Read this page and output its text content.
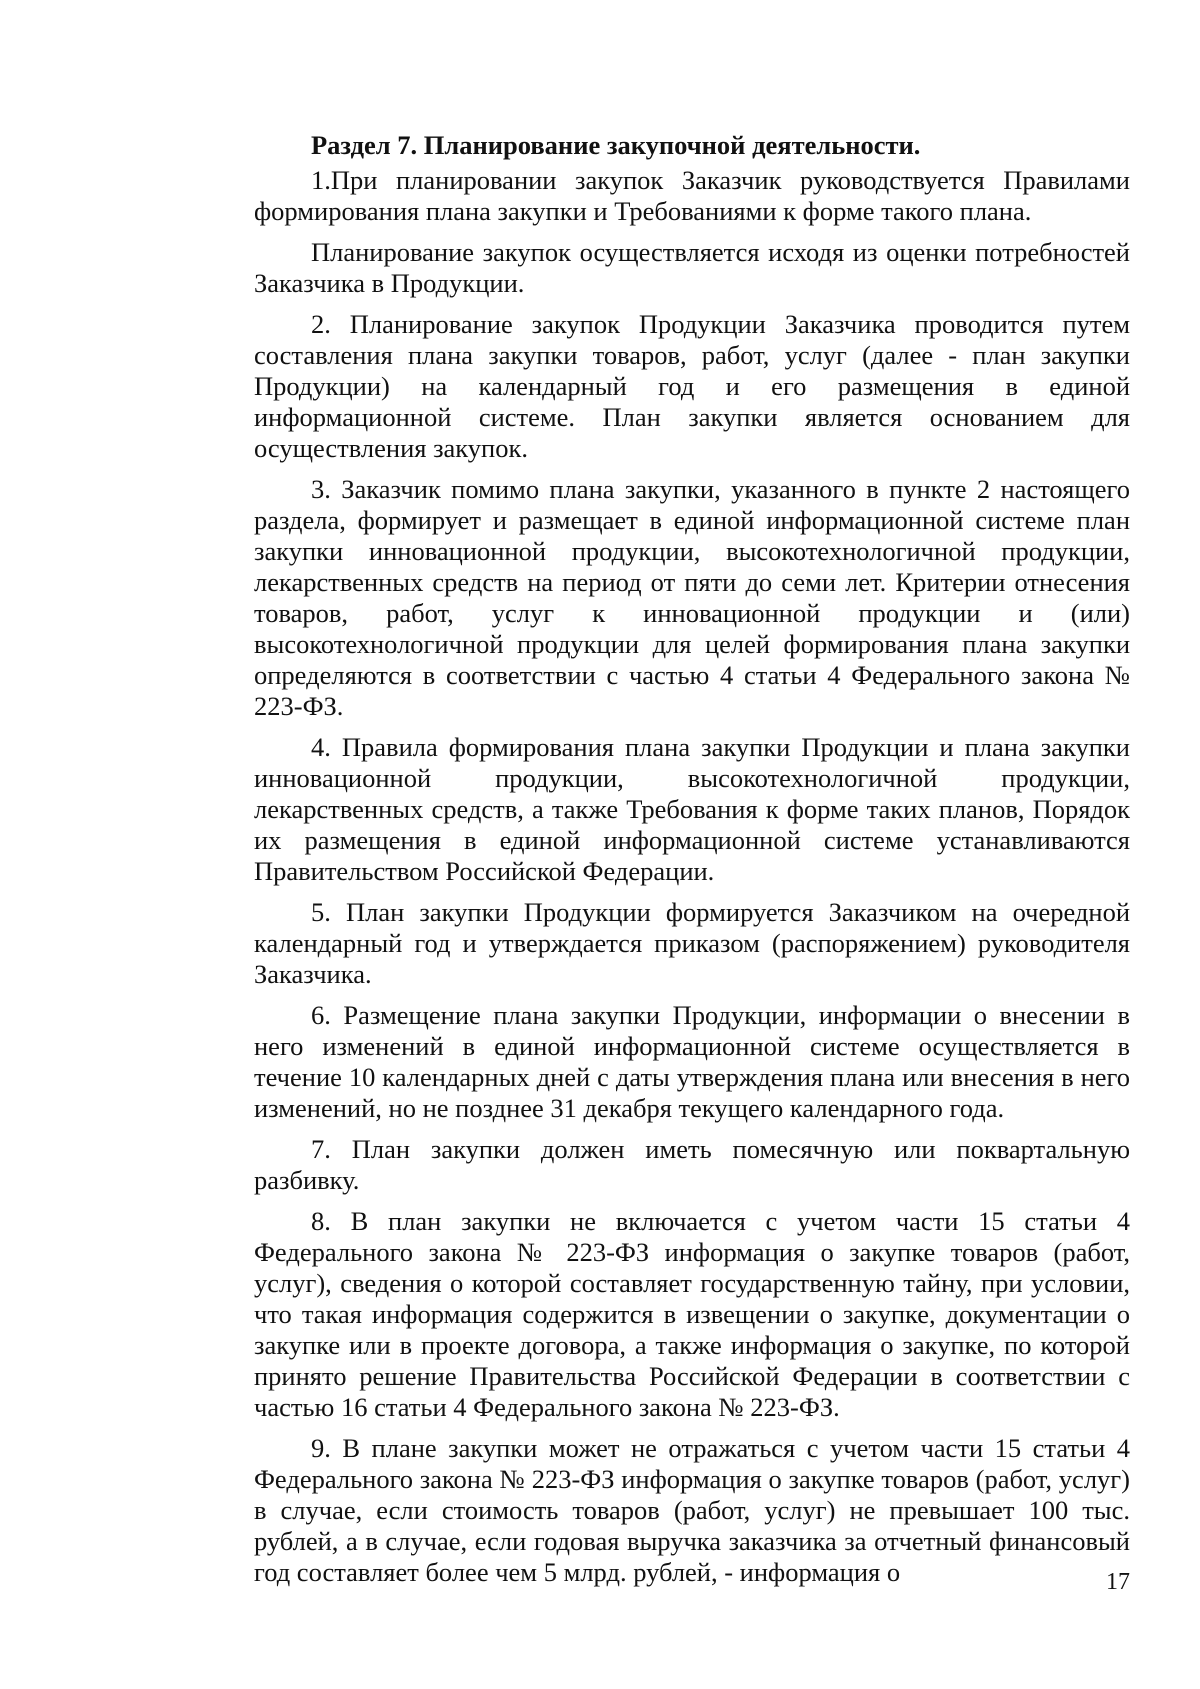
Раздел 7. Планирование закупочной деятельности.

1.При планировании закупок Заказчик руководствуется Правилами формирования плана закупки и Требованиями к форме такого плана.

Планирование закупок осуществляется исходя из оценки потребностей Заказчика в Продукции.

2. Планирование закупок Продукции Заказчика проводится путем составления плана закупки товаров, работ, услуг (далее - план закупки Продукции) на календарный год и его размещения в единой информационной системе. План закупки является основанием для осуществления закупок.

3. Заказчик помимо плана закупки, указанного в пункте 2 настоящего раздела, формирует и размещает в единой информационной системе план закупки инновационной продукции, высокотехнологичной продукции, лекарственных средств на период от пяти до семи лет. Критерии отнесения товаров, работ, услуг к инновационной продукции и (или) высокотехнологичной продукции для целей формирования плана закупки определяются в соответствии с частью 4 статьи 4 Федерального закона № 223-ФЗ.

4. Правила формирования плана закупки Продукции и плана закупки инновационной продукции, высокотехнологичной продукции, лекарственных средств, а также Требования к форме таких планов, Порядок их размещения в единой информационной системе устанавливаются Правительством Российской Федерации.

5. План закупки Продукции формируется Заказчиком на очередной календарный год и утверждается приказом (распоряжением) руководителя Заказчика.

6. Размещение плана закупки Продукции, информации о внесении в него изменений в единой информационной системе осуществляется в течение 10 календарных дней с даты утверждения плана или внесения в него изменений, но не позднее 31 декабря текущего календарного года.

7. План закупки должен иметь помесячную или поквартальную разбивку.

8. В план закупки не включается с учетом части 15 статьи 4 Федерального закона № 223-ФЗ информация о закупке товаров (работ, услуг), сведения о которой составляет государственную тайну, при условии, что такая информация содержится в извещении о закупке, документации о закупке или в проекте договора, а также информация о закупке, по которой принято решение Правительства Российской Федерации в соответствии с частью 16 статьи 4 Федерального закона № 223-ФЗ.

9. В плане закупки может не отражаться с учетом части 15 статьи 4 Федерального закона № 223-ФЗ информация о закупке товаров (работ, услуг) в случае, если стоимость товаров (работ, услуг) не превышает 100 тыс. рублей, а в случае, если годовая выручка заказчика за отчетный финансовый год составляет более чем 5 млрд. рублей, - информация о	17
